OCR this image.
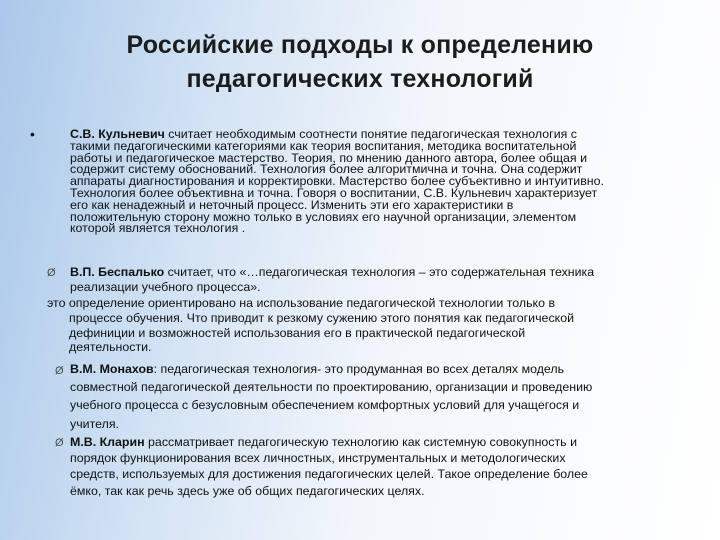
Российские подходы к определению
педагогических технологий
•	С.В. Кульневич считает необходимым соотнести понятие педагогическая технология с
такими педагогическими категориями как теория воспитания, методика воспитательной
работы и педагогическое мастерство. Теория, по мнению данного автора, более общая и
содержит систему обоснований. Технология более алгоритмична и точна. Она содержит
аппараты диагностирования и корректировки. Мастерство более субъективно и интуитивно.
Технология более объективна и точна. Говоря о воспитании, С.В. Кульневич характеризует
его как ненадежный и неточный процесс. Изменить эти его характеристики в
положительную сторону можно только в условиях его научной организации, элементом
которой является технология .
Ø В.П. Беспалько считает, что «…педагогическая технология – это содержательная техника
реализации учебного процесса».
это определение ориентировано на использование педагогической технологии только в
процессе обучения. Что приводит к резкому сужению этого понятия как педагогической
дефиниции и возможностей использования его в практической педагогической
деятельности.
Ø В.М. Монахов: педагогическая технология- это продуманная во всех деталях модель
совместной педагогической деятельности по проектированию, организации и проведению
учебного процесса с безусловным обеспечением комфортных условий для учащегося и
учителя.
Ø М.В. Кларин рассматривает педагогическую технологию как системную совокупность и
порядок функционирования всех личностных, инструментальных и методологических
средств, используемых для достижения педагогических целей. Такое определение более
ёмко, так как речь здесь уже об общих педагогических целях.
